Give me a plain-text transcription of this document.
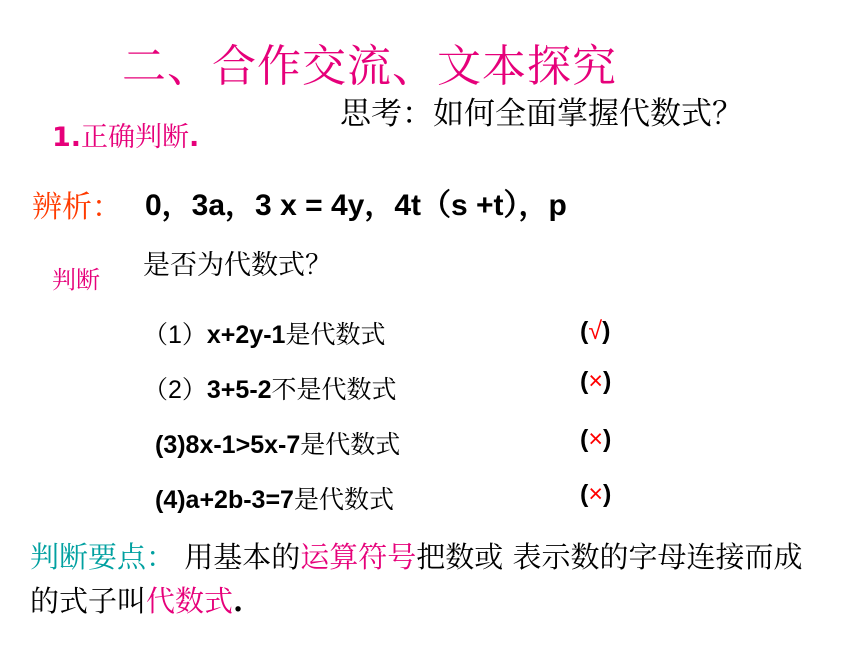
二、合作交流、文本探究
思考：如何全面掌握代数式？
1.正确判断.
辨析： 0，3a，3 x = 4y，4t（s +t），p
是否为代数式？
判断
（1）x+2y-1是代数式	(√)
（2）3+5-2不是代数式	(×)
(3)8x-1>5x-7是代数式	(×)
(4)a+2b-3=7是代数式	(×)
判断要点： 用基本的运算符号把数或 表示数的字母连接而成的式子叫代数式.
